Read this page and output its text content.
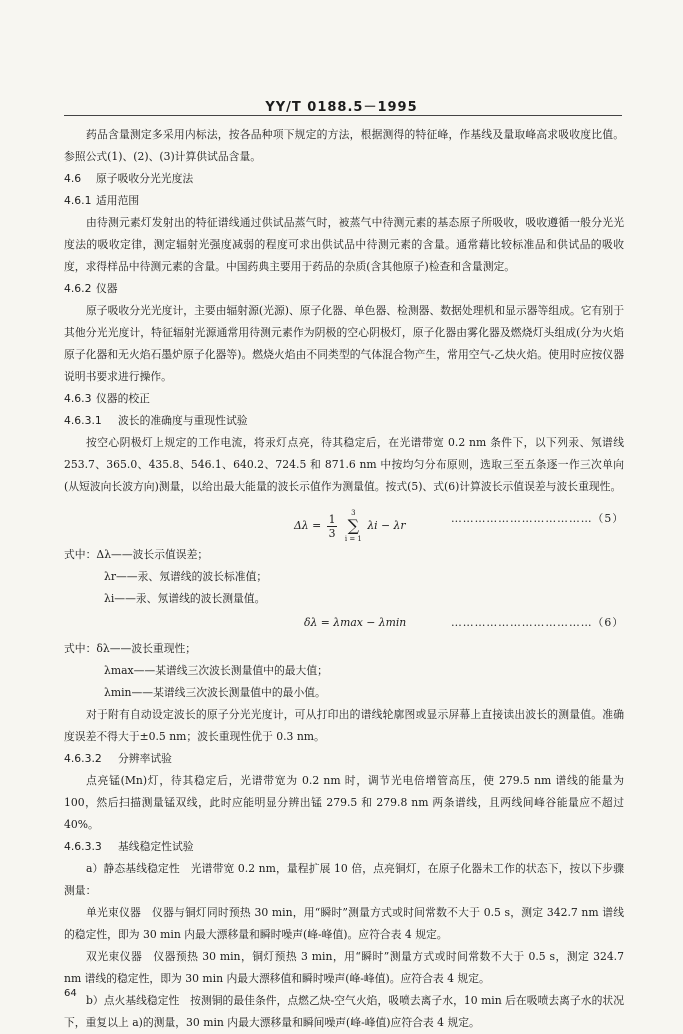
YY/T 0188.5－1995

药品含量测定多采用内标法，按各品种项下规定的方法，根据测得的特征峰，作基线及量取峰高求吸收度比值。参照公式(1)、(2)、(3)计算供试品含量。

4.6 原子吸收分光光度法
4.6.1 适用范围

由待测元素灯发射出的特征谱线通过供试品蒸气时，被蒸气中待测元素的基态原子所吸收，吸收遵循一般分光光度法的吸收定律，测定辐射光强度减弱的程度可求出供试品中待测元素的含量。通常藉比较标准品和供试品的吸收度，求得样品中待测元素的含量。中国药典主要用于药品的杂质(含其他原子)检查和含量测定。

4.6.2 仪器

原子吸收分光光度计，主要由辐射源(光源)、原子化器、单色器、检测器、数据处理机和显示器等组成。它有别于其他分光光度计，特征辐射光源通常用待测元素作为阴极的空心阴极灯，原子化器由雾化器及燃烧灯头组成(分为火焰原子化器和无火焰石墨炉原子化器等)。燃烧火焰由不同类型的气体混合物产生，常用空气-乙炔火焰。使用时应按仪器说明书要求进行操作。

4.6.3 仪器的校正
4.6.3.1 波长的准确度与重现性试验

按空心阴极灯上规定的工作电流，将汞灯点亮，待其稳定后，在光谱带宽 0.2 nm 条件下，以下列汞、氖谱线 253.7、365.0、435.8、546.1、640.2、724.5 和 871.6 nm 中按均匀分布原则，选取三至五条逐一作三次单向(从短波向长波方向)测量，以给出最大能量的波长示值作为测量值。按式(5)、式(6)计算波长示值误差与波长重现性。

$\Delta\lambda = \frac{1}{3}$
	3
∑
i = 1
λi − λr
………………………………（5）

式中：Δλ——波长示值误差；

λr——汞、氖谱线的波长标准值；

λi——汞、氖谱线的波长测量值。

δλ = λmax − λmin	………………………………（6）

式中：δλ——波长重现性；

λmax——某谱线三次波长测量值中的最大值；

λmin——某谱线三次波长测量值中的最小值。

对于附有自动设定波长的原子分光光度计，可从打印出的谱线轮廓图或显示屏幕上直接读出波长的测量值。准确度误差不得大于±0.5 nm；波长重现性优于 0.3 nm。

4.6.3.2 分辨率试验

点亮锰(Mn)灯，待其稳定后，光谱带宽为 0.2 nm 时，调节光电倍增管高压，使 279.5 nm 谱线的能量为 100，然后扫描测量锰双线，此时应能明显分辨出锰 279.5 和 279.8 nm 两条谱线，且两线间峰谷能量应不超过 40%。

4.6.3.3 基线稳定性试验

a）静态基线稳定性　光谱带宽 0.2 nm，量程扩展 10 倍，点亮铜灯，在原子化器未工作的状态下，按以下步骤测量：

单光束仪器　仪器与铜灯同时预热 30 min，用“瞬时”测量方式或时间常数不大于 0.5 s，测定 342.7 nm 谱线的稳定性，即为 30 min 内最大漂移量和瞬时噪声(峰-峰值)。应符合表 4 规定。

双光束仪器　仪器预热 30 min，铜灯预热 3 min，用“瞬时”测量方式或时间常数不大于 0.5 s，测定 324.7 nm 谱线的稳定性，即为 30 min 内最大漂移值和瞬时噪声(峰-峰值)。应符合表 4 规定。

b）点火基线稳定性　按测铜的最佳条件，点燃乙炔-空气火焰，吸喷去离子水，10 min 后在吸喷去离子水的状况下，重复以上 a)的测量，30 min 内最大漂移量和瞬间噪声(峰-峰值)应符合表 4 规定。

64
